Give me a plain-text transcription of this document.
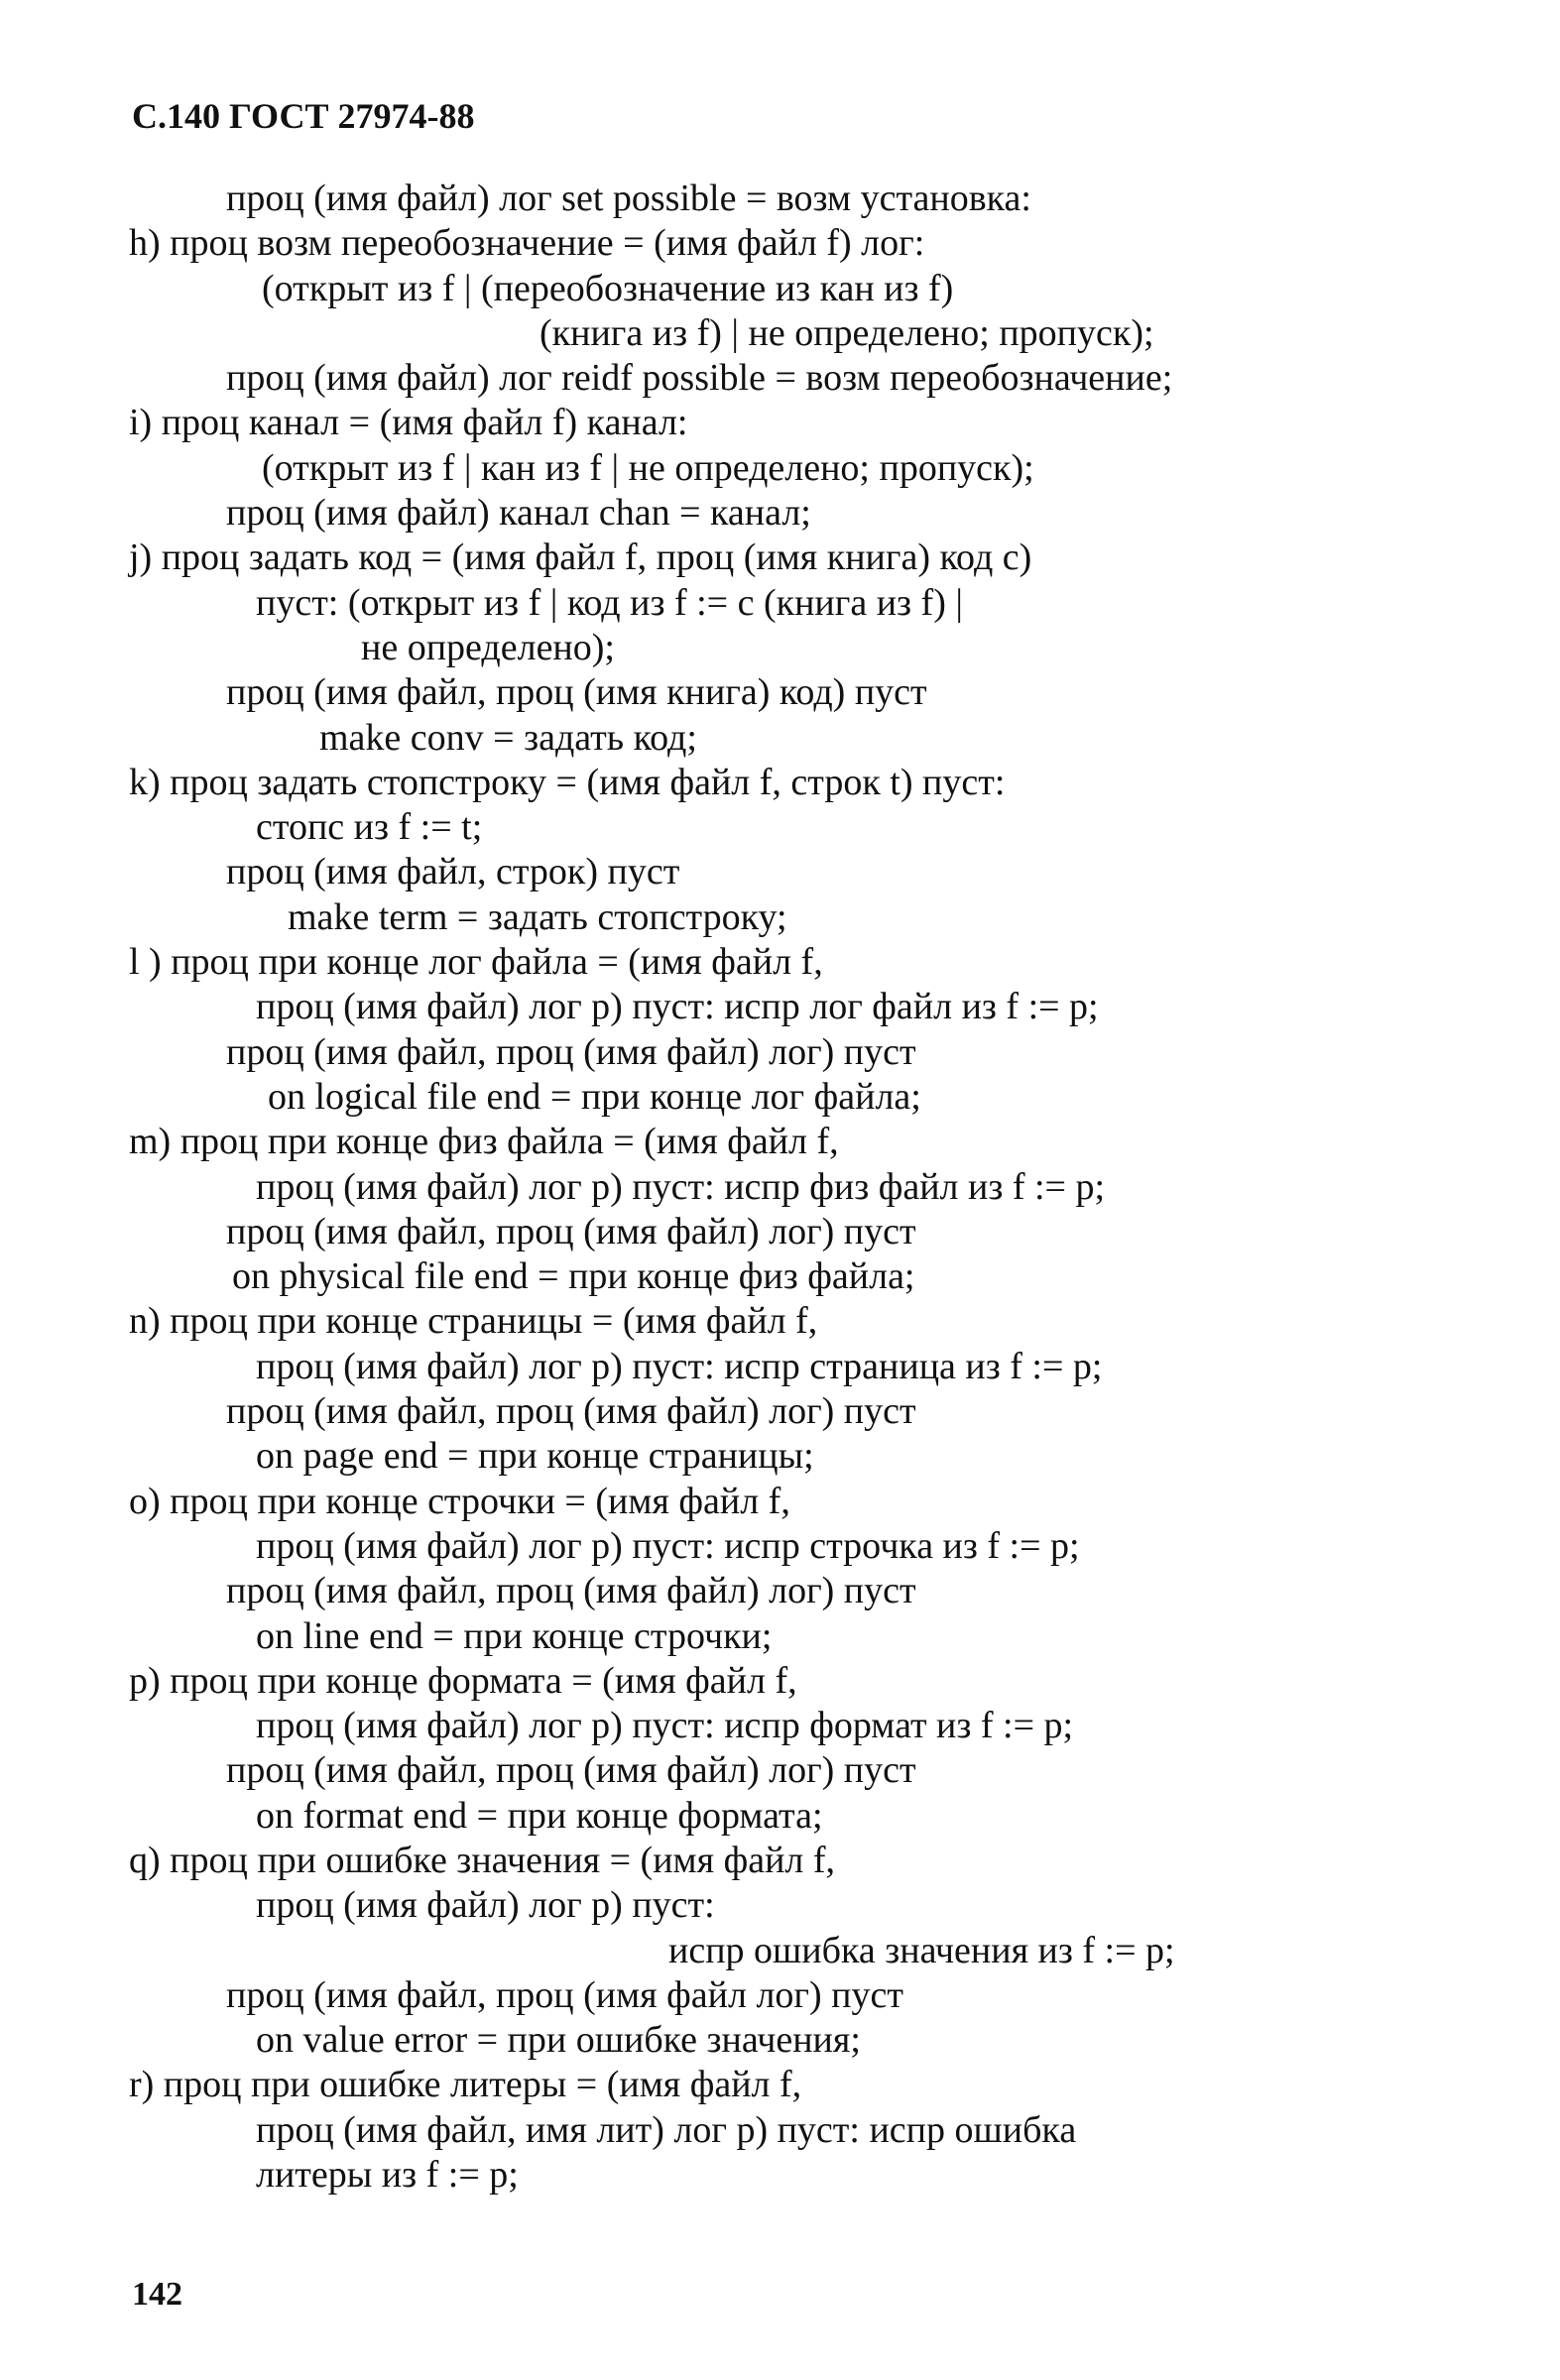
С.140 ГОСТ 27974-88
проц (имя файл) лог set possible = возм установка:
h) проц возм переобозначение = (имя файл f) лог:
(открыт из f | (переобозначение из кан из f)
(книга из f) | не определено; пропуск);
проц (имя файл) лог reidf possible = возм переобозначение;
i) проц канал = (имя файл f) канал:
(открыт из f | кан из f | не определено; пропуск);
проц (имя файл) канал chan = канал;
j) проц задать код = (имя файл f, проц (имя книга) код с)
пуст: (открыт из f | код из f := с (книга из f) |
не определено);
проц (имя файл, проц (имя книга) код) пуст
make conv = задать код;
k) проц задать стопстроку = (имя файл f, строк t) пуст:
стопс из f := t;
проц (имя файл, строк) пуст
make term = задать стопстроку;
l ) проц при конце лог файла = (имя файл f,
проц (имя файл) лог p) пуст: испр лог файл из f := p;
проц (имя файл, проц (имя файл) лог) пуст
on logical file end = при конце лог файла;
m) проц при конце физ файла = (имя файл f,
проц (имя файл) лог p) пуст: испр физ файл из f := p;
проц (имя файл, проц (имя файл) лог) пуст
on physical file end = при конце физ файла;
n) проц при конце страницы = (имя файл f,
проц (имя файл) лог p) пуст: испр страница из f := p;
проц (имя файл, проц (имя файл) лог) пуст
on page end = при конце страницы;
o) проц при конце строчки = (имя файл f,
проц (имя файл) лог p) пуст: испр строчка из f := p;
проц (имя файл, проц (имя файл) лог) пуст
on line end = при конце строчки;
p) проц при конце формата = (имя файл f,
проц (имя файл) лог p) пуст: испр формат из f := p;
проц (имя файл, проц (имя файл) лог) пуст
on format end = при конце формата;
q) проц при ошибке значения = (имя файл f,
проц (имя файл) лог p) пуст:
испр ошибка значения из f := p;
проц (имя файл, проц (имя файл лог) пуст
on value error = при ошибке значения;
r) проц при ошибке литеры = (имя файл f,
проц (имя файл, имя лит) лог p) пуст: испр ошибка
литеры из f := p;
142
